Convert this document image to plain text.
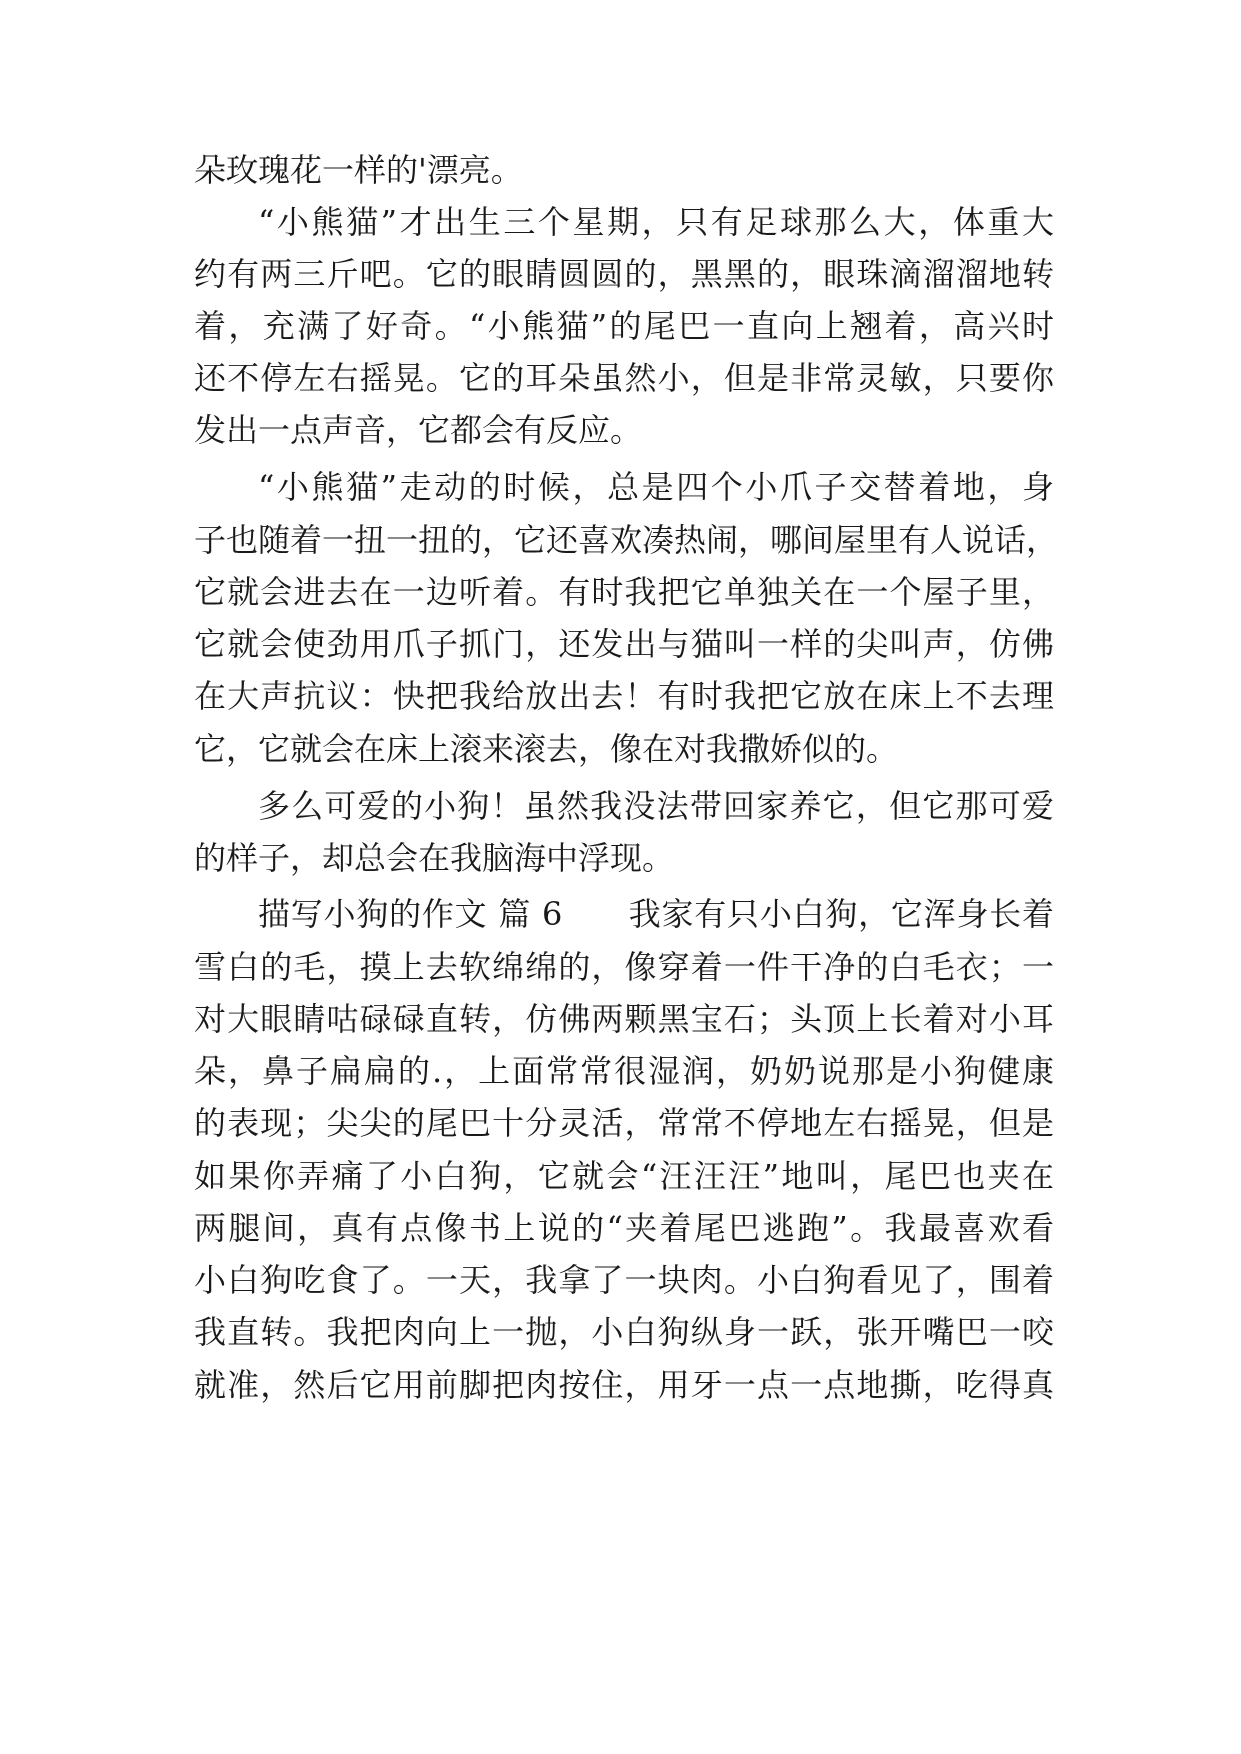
朵玫瑰花一样的'漂亮。
“小熊猫”才出生三个星期，只有足球那么大，体重大
约有两三斤吧。它的眼睛圆圆的，黑黑的，眼珠滴溜溜地转
着，充满了好奇。“小熊猫”的尾巴一直向上翘着，高兴时
还不停左右摇晃。它的耳朵虽然小，但是非常灵敏，只要你
发出一点声音，它都会有反应。
“小熊猫”走动的时候，总是四个小爪子交替着地，身
子也随着一扭一扭的，它还喜欢凑热闹，哪间屋里有人说话，
它就会进去在一边听着。有时我把它单独关在一个屋子里，
它就会使劲用爪子抓门，还发出与猫叫一样的尖叫声，仿佛
在大声抗议：快把我给放出去！有时我把它放在床上不去理
它，它就会在床上滚来滚去，像在对我撒娇似的。
多么可爱的小狗！虽然我没法带回家养它，但它那可爱
的样子，却总会在我脑海中浮现。
描写小狗的作文 篇 6　　我家有只小白狗，它浑身长着
雪白的毛，摸上去软绵绵的，像穿着一件干净的白毛衣；一
对大眼睛咕碌碌直转，仿佛两颗黑宝石；头顶上长着对小耳
朵，鼻子扁扁的.，上面常常很湿润，奶奶说那是小狗健康
的表现；尖尖的尾巴十分灵活，常常不停地左右摇晃，但是
如果你弄痛了小白狗，它就会“汪汪汪”地叫，尾巴也夹在
两腿间，真有点像书上说的“夹着尾巴逃跑”。我最喜欢看
小白狗吃食了。一天，我拿了一块肉。小白狗看见了，围着
我直转。我把肉向上一抛，小白狗纵身一跃，张开嘴巴一咬
就准，然后它用前脚把肉按住，用牙一点一点地撕，吃得真
